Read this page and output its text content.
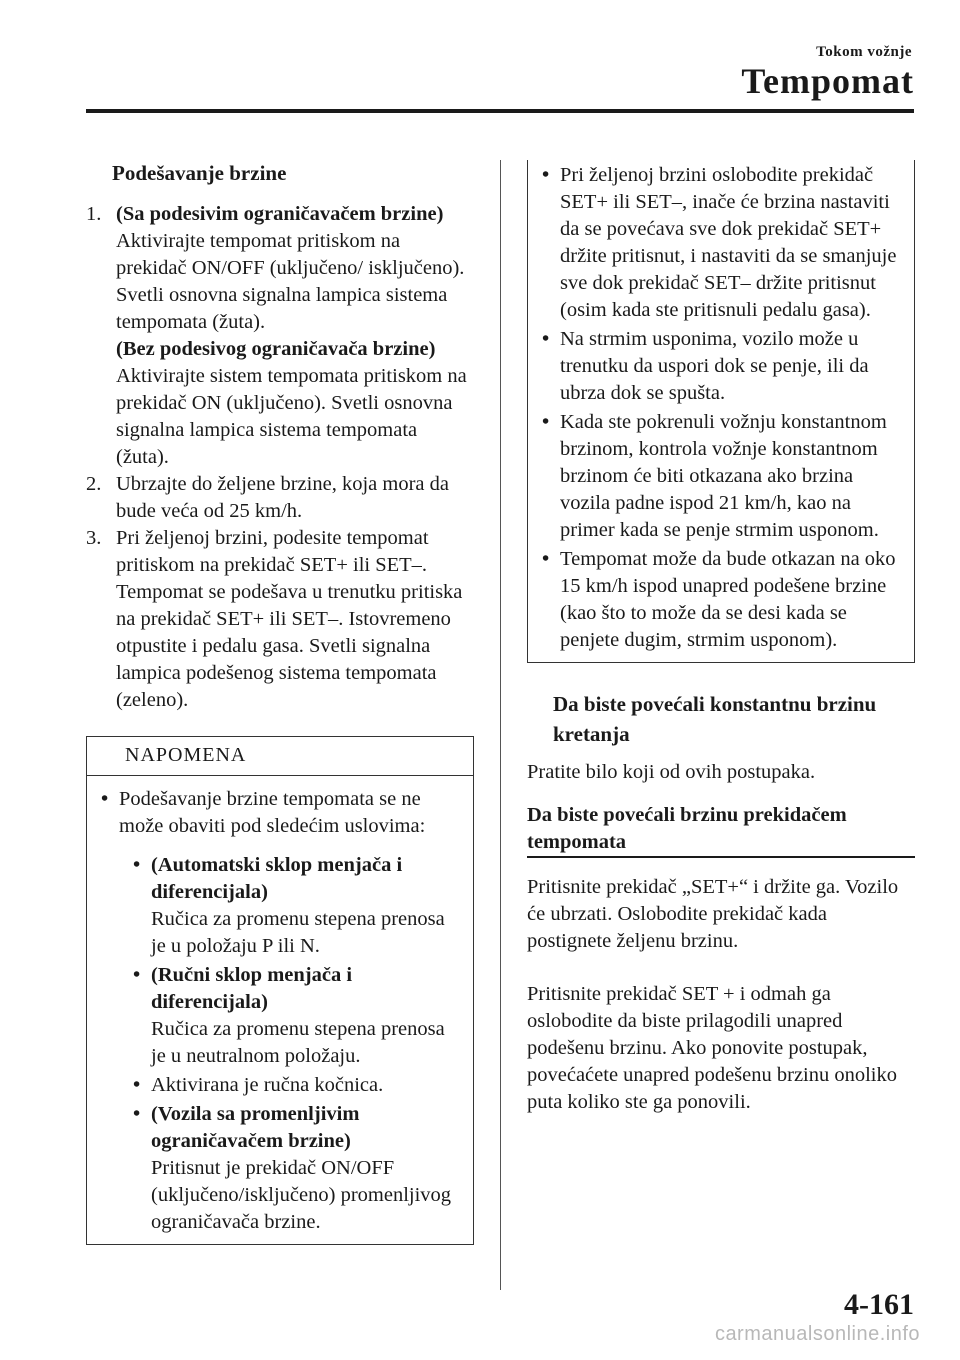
Tokom vožnje
Tempomat
Podešavanje brzine
1. (Sa podesivim ograničavačem brzine)

Aktivirajte tempomat pritiskom na prekidač ON/OFF (uključeno/ isključeno). Svetli osnovna signalna lampica sistema tempomata (žuta).

(Bez podesivog ograničavača brzine)

Aktivirajte sistem tempomata pritiskom na prekidač ON (uključeno). Svetli osnovna signalna lampica sistema tempomata (žuta).

2. Ubrzajte do željene brzine, koja mora da bude veća od 25 km/h.

3. Pri željenoj brzini, podesite tempomat pritiskom na prekidač SET+ ili SET–. Tempomat se podešava u trenutku pritiska na prekidač SET+ ili SET–. Istovremeno otpustite i pedalu gasa. Svetli signalna lampica podešenog sistema tempomata (zeleno).

NAPOMENA
• Podešavanje brzine tempomata se ne može obaviti pod sledećim uslovima:

• (Automatski sklop menjača i diferencijala)

Ručica za promenu stepena prenosa je u položaju P ili N.

• (Ručni sklop menjača i diferencijala)

Ručica za promenu stepena prenosa je u neutralnom položaju.

• Aktivirana je ručna kočnica.

• (Vozila sa promenljivim ograničavačem brzine)

Pritisnut je prekidač ON/OFF (uključeno/isključeno) promenljivog ograničavača brzine.

• Pri željenoj brzini oslobodite prekidač SET+ ili SET–, inače će brzina nastaviti da se povećava sve dok prekidač SET+ držite pritisnut, i nastaviti da se smanjuje sve dok prekidač SET– držite pritisnut (osim kada ste pritisnuli pedalu gasa).

• Na strmim usponima, vozilo može u trenutku da uspori dok se penje, ili da ubrza dok se spušta.

• Kada ste pokrenuli vožnju konstantnom brzinom, kontrola vožnje konstantnom brzinom će biti otkazana ako brzina vozila padne ispod 21 km/h, kao na primer kada se penje strmim usponom.

• Tempomat može da bude otkazan na oko 15 km/h ispod unapred podešene brzine (kao što to može da se desi kada se penjete dugim, strmim usponom).

Da biste povećali konstantnu brzinu kretanja

Pratite bilo koji od ovih postupaka.

Da biste povećali brzinu prekidačem tempomata

Pritisnite prekidač „SET+“ i držite ga. Vozilo će ubrzati. Oslobodite prekidač kada postignete željenu brzinu.

Pritisnite prekidač SET + i odmah ga oslobodite da biste prilagodili unapred podešenu brzinu. Ako ponovite postupak, povećaćete unapred podešenu brzinu onoliko puta koliko ste ga ponovili.

4-161
carmanualsonline.info
